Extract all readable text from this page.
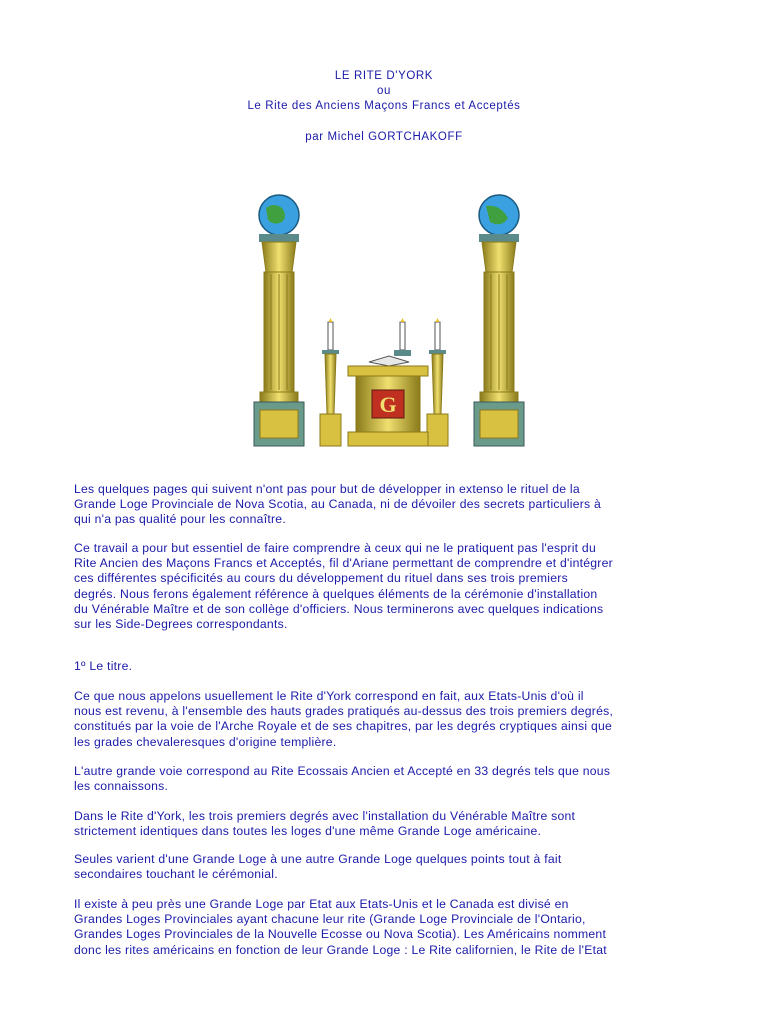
LE RITE D'YORK
ou
Le Rite des Anciens Maçons Francs et Acceptés
par Michel GORTCHAKOFF
G

Les quelques pages qui suivent n'ont pas pour but de développer in extenso le rituel de la
Grande Loge Provinciale de Nova Scotia, au Canada, ni de dévoiler des secrets particuliers à
qui n'a pas qualité pour les connaître.

Ce travail a pour but essentiel de faire comprendre à ceux qui ne le pratiquent pas l'esprit du
Rite Ancien des Maçons Francs et Acceptés, fil d'Ariane permettant de comprendre et d'intégrer
ces différentes spécificités au cours du développement du rituel dans ses trois premiers
degrés. Nous ferons également référence à quelques éléments de la cérémonie d'installation
du Vénérable Maître et de son collège d'officiers. Nous terminerons avec quelques indications
sur les Side-Degrees correspondants.

1º Le titre.

Ce que nous appelons usuellement le Rite d'York correspond en fait, aux Etats-Unis d'où il
nous est revenu, à l'ensemble des hauts grades pratiqués au-dessus des trois premiers degrés,
constitués par la voie de l'Arche Royale et de ses chapitres, par les degrés cryptiques ainsi que
les grades chevaleresques d'origine templière.

L'autre grande voie correspond au Rite Ecossais Ancien et Accepté en 33 degrés tels que nous
les connaissons.

Dans le Rite d'York, les trois premiers degrés avec l'installation du Vénérable Maître sont
strictement identiques dans toutes les loges d'une même Grande Loge américaine.

Seules varient d'une Grande Loge à une autre Grande Loge quelques points tout à fait
secondaires touchant le cérémonial.

Il existe à peu près une Grande Loge par Etat aux Etats-Unis et le Canada est divisé en
Grandes Loges Provinciales ayant chacune leur rite (Grande Loge Provinciale de l'Ontario,
Grandes Loges Provinciales de la Nouvelle Ecosse ou Nova Scotia). Les Américains nomment
donc les rites américains en fonction de leur Grande Loge : Le Rite californien, le Rite de l'Etat
